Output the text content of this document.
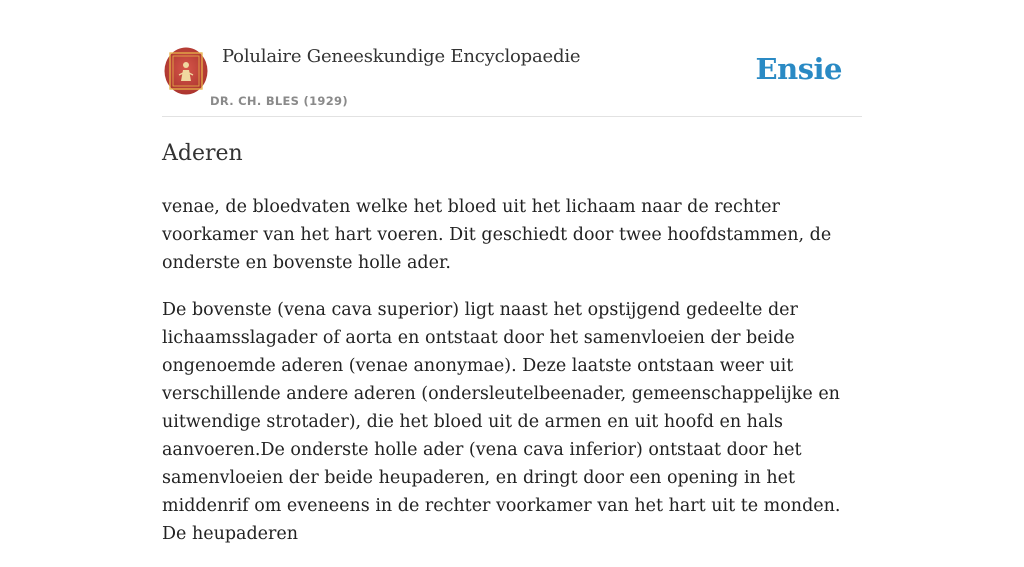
Polulaire Geneeskundige Encyclopaedie
DR. CH. BLES (1929)
Ensie
Aderen

venae, de bloedvaten welke het bloed uit het lichaam naar de rechter voorkamer van het hart voeren. Dit geschiedt door twee hoofdstammen, de onderste en bovenste holle ader.

De bovenste (vena cava superior) ligt naast het opstijgend gedeelte der lichaamsslagader of aorta en ontstaat door het samenvloeien der beide ongenoemde aderen (venae anonymae). Deze laatste ontstaan weer uit verschillende andere aderen (ondersleutelbeenader, gemeenschappelijke en uitwendige strotader), die het bloed uit de armen en uit hoofd en hals aanvoeren.De onderste holle ader (vena cava inferior) ontstaat door het samenvloeien der beide heupaderen, en dringt door een opening in het middenrif om eveneens in de rechter voorkamer van het hart uit te monden. De heupaderen
